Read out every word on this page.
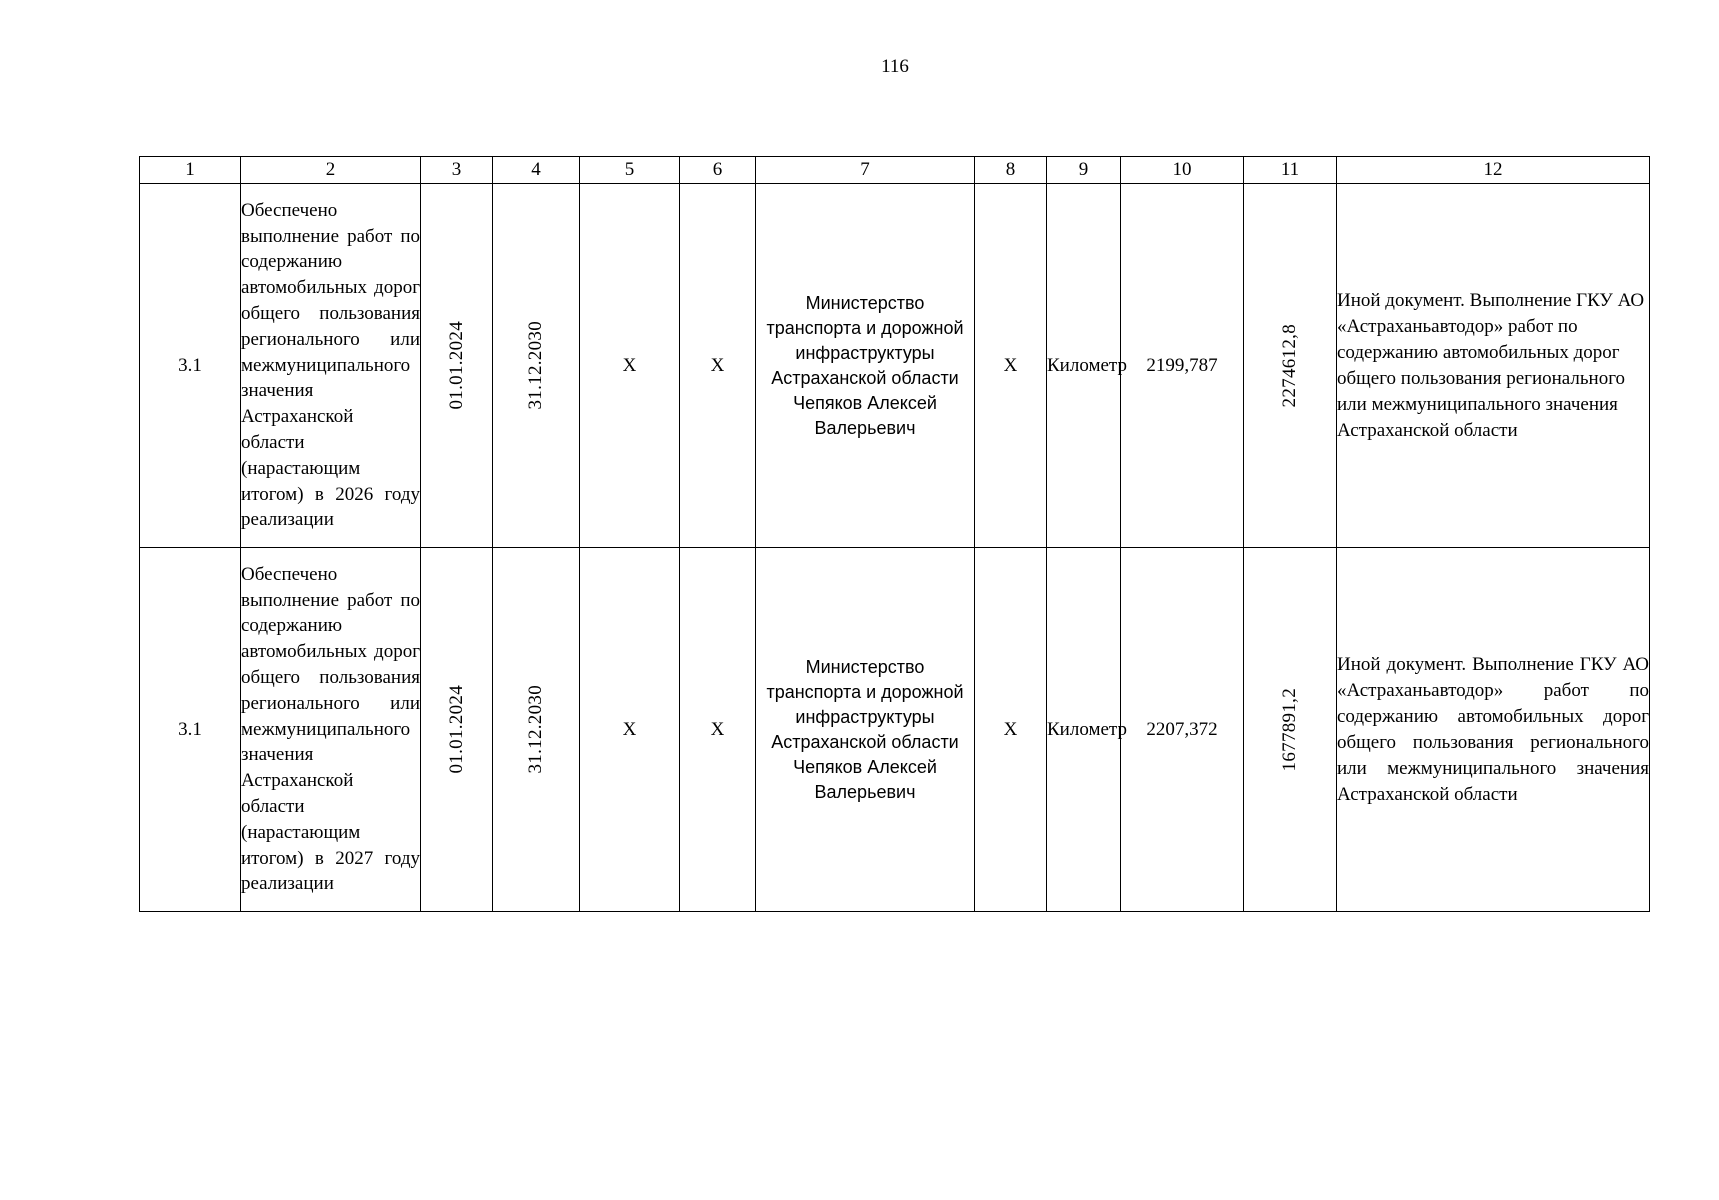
116
1	2	3	4	5	6	7	8	9	10	11	12
3.1	Обеспечено выполнение работ по содержанию автомобильных дорог общего пользования регионального или межмуниципального значения Астраханской области (нарастающим итогом) в 2026 году реализации	01.01.2024	31.12.2030	X	X	Министерство транспорта и дорожной инфраструктуры Астраханской области Чепяков Алексей Валерьевич	X	Километр	2199,787	2274612,8	Иной документ. Выполнение ГКУ АО «Астраханьавтодор» работ по содержанию автомобильных дорог общего пользования регионального или межмуниципального значения Астраханской области
3.1	Обеспечено выполнение работ по содержанию автомобильных дорог общего пользования регионального или межмуниципального значения Астраханской области (нарастающим итогом) в 2027 году реализации	01.01.2024	31.12.2030	X	X	Министерство транспорта и дорожной инфраструктуры Астраханской области Чепяков Алексей Валерьевич	X	Километр	2207,372	1677891,2	Иной документ. Выполнение ГКУ АО «Астраханьавтодор» работ по содержанию автомобильных дорог общего пользования регионального или межмуниципального значения Астраханской области
